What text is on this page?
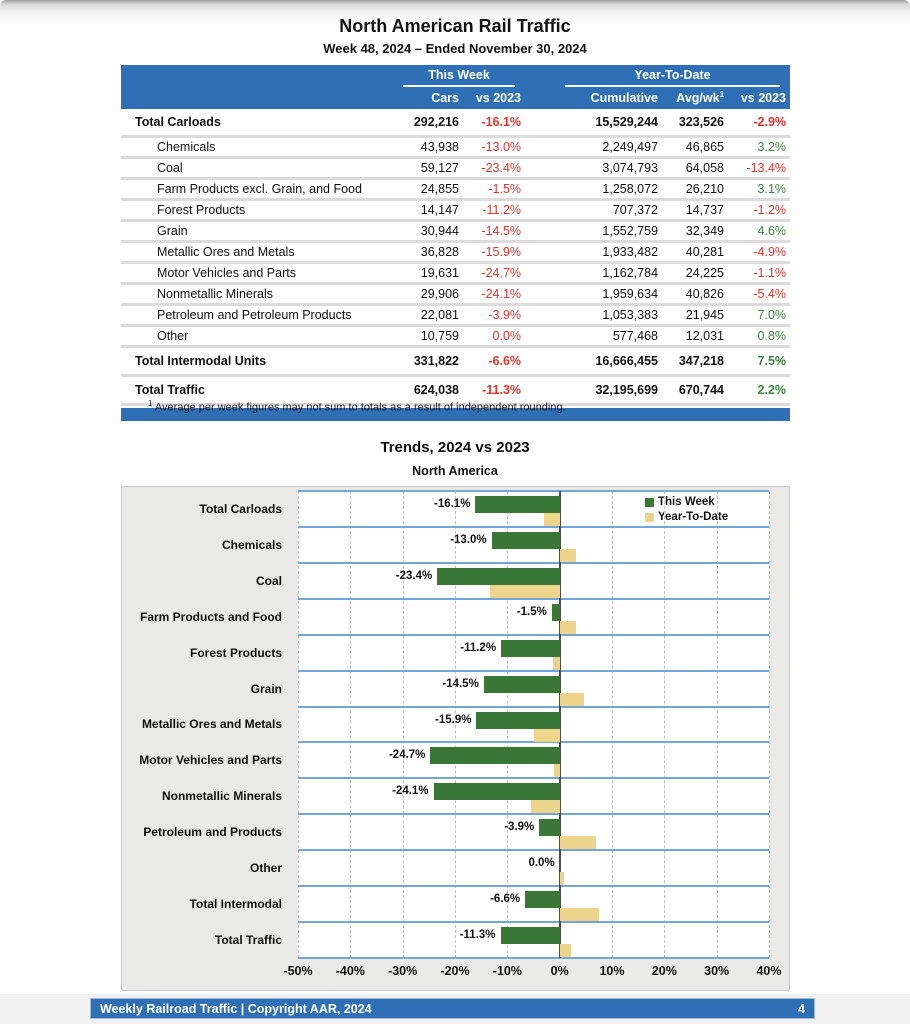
North American Rail Traffic
Week 48, 2024 – Ended November 30, 2024

	This Week			Year-To-Date		

	Cars	vs 2023		Cumulative	Avg/$wk^1$	vs 2023
Total Carloads	292,216	-16.1%		15,529,244	323,526	-2.9%
Chemicals	43,938	-13.0%		2,249,497	46,865	3.2%
Coal	59,127	-23.4%		3,074,793	64,058	-13.4%
Farm Products excl. Grain, and Food	24,855	-1.5%		1,258,072	26,210	3.1%
Forest Products	14,147	-11.2%		707,372	14,737	-1.2%
Grain	30,944	-14.5%		1,552,759	32,349	4.6%
Metallic Ores and Metals	36,828	-15.9%		1,933,482	40,281	-4.9%
Motor Vehicles and Parts	19,631	-24.7%		1,162,784	24,225	-1.1%
Nonmetallic Minerals	29,906	-24.1%		1,959,634	40,826	-5.4%
Petroleum and Petroleum Products	22,081	-3.9%		1,053,383	21,945	7.0%
Other	10,759	0.0%		577,468	12,031	0.8%
Total Intermodal Units	331,822	-6.6%		16,666,455	347,218	7.5%
Total Traffic	624,038	-11.3%		32,195,699	670,744	2.2%
$^1$ Average per week figures may not sum to totals as a result of independent rounding.
Trends, 2024 vs 2023
North America
Total Carloads
Chemicals
Coal
Farm Products and Food
Forest Products
Grain
Metallic Ores and Metals
Motor Vehicles and Parts
Nonmetallic Minerals
Petroleum and Products
Other
Total Intermodal
Total Traffic
This Week
Year-To-Date
-16.1%
-13.0%
-23.4%
-1.5%
-11.2%
-14.5%
-15.9%
-24.7%
-24.1%
-3.9%
0.0%
-6.6%
-11.3%
-50% -40% -30% -20% -10% 0% 10% 20% 30% 40%
Weekly Railroad Traffic | Copyright AAR, 2024	4
